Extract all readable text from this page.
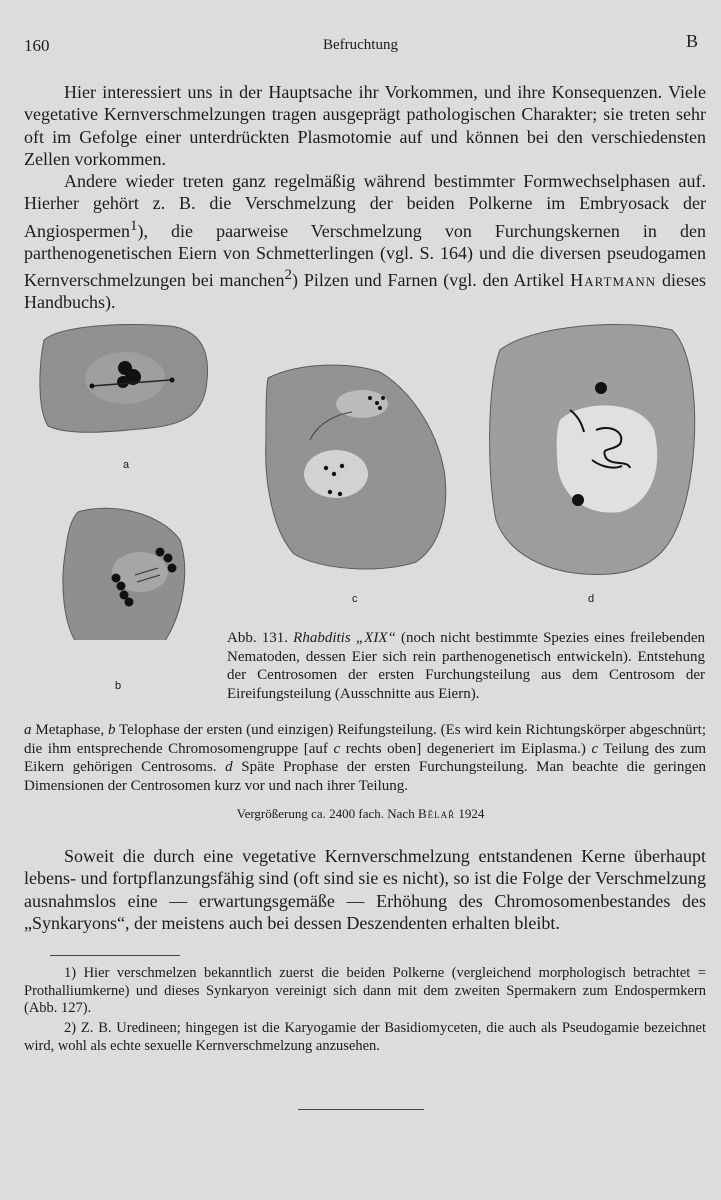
160	Befruchtung	B

Hier interessiert uns in der Hauptsache ihr Vorkommen, und ihre Konsequenzen. Viele vegetative Kernverschmelzungen tragen ausgeprägt pathologischen Charakter; sie treten sehr oft im Gefolge einer unterdrückten Plasmotomie auf und können bei den verschiedensten Zellen vorkommen.

Andere wieder treten ganz regelmäßig während bestimmter Formwechselphasen auf. Hierher gehört z. B. die Verschmelzung der beiden Polkerne im Embryosack der Angiospermen$^1$), die paarweise Verschmelzung von Furchungskernen in den parthenogenetischen Eiern von Schmetterlingen (vgl. S. 164) und die diversen pseudogamen Kernverschmelzungen bei manchen$^2$) Pilzen und Farnen (vgl. den Artikel Hartmann dieses Handbuchs).

a
b
c	d

Abb. 131. Rhabditis „XIX“ (noch nicht bestimmte Spezies eines freilebenden Nematoden, dessen Eier sich rein parthenogenetisch entwickeln). Entstehung der Centrosomen der ersten Furchungsteilung aus dem Centrosom der Eireifungsteilung (Ausschnitte aus Eiern).

a Metaphase, b Telophase der ersten (und einzigen) Reifungsteilung. (Es wird kein Richtungskörper abgeschnürt; die ihm entsprechende Chromosomengruppe [auf c rechts oben] degeneriert im Eiplasma.) c Teilung des zum Eikern gehörigen Centrosoms. d Späte Prophase der ersten Furchungsteilung. Man beachte die geringen Dimensionen der Centrosomen kurz vor und nach ihrer Teilung.

Vergrößerung ca. 2400 fach. Nach Bělař 1924

Soweit die durch eine vegetative Kernverschmelzung entstandenen Kerne überhaupt lebens- und fortpflanzungsfähig sind (oft sind sie es nicht), so ist die Folge der Verschmelzung ausnahmslos eine — erwartungsgemäße — Erhöhung des Chromosomenbestandes des „Synkaryons“, der meistens auch bei dessen Deszendenten erhalten bleibt.

1) Hier verschmelzen bekanntlich zuerst die beiden Polkerne (vergleichend morphologisch betrachtet = Prothalliumkerne) und dieses Synkaryon vereinigt sich dann mit dem zweiten Spermakern zum Endospermkern (Abb. 127).

2) Z. B. Uredineen; hingegen ist die Karyogamie der Basidiomyceten, die auch als Pseudogamie bezeichnet wird, wohl als echte sexuelle Kernverschmelzung anzusehen.
